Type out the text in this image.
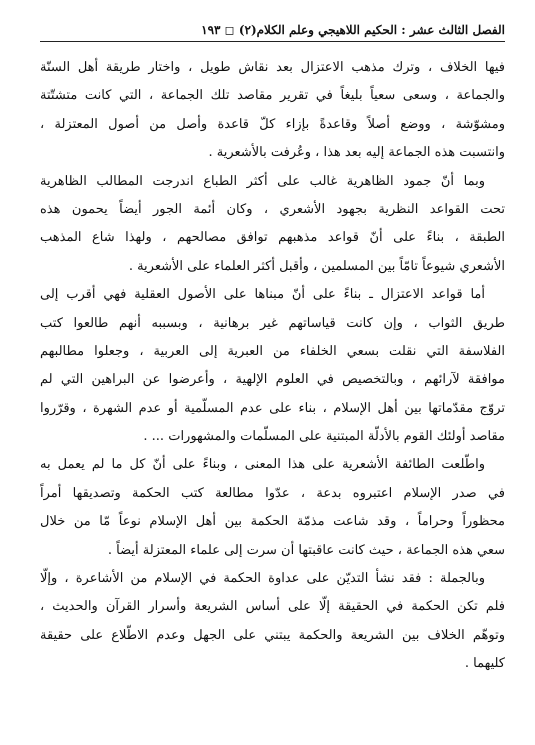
الفصل الثالث عشر : الحكيم اللاهيجي وعلم الكلام(٢) ◻ ١٩٣
فيها الخلاف ، وترك مذهب الاعتزال بعد نقاش طويل ، واختار طريقة أهل السنّة
والجماعة ، وسعى سعياً بليغاً في تقرير مقاصد تلك الجماعة ، التي كانت متشتّتة
ومشوّشة ، ووضع أصلاً وقاعدةً بإزاء كلّ قاعدة وأصل من أصول المعتزلة ،
وانتسبت هذه الجماعة إليه بعد هذا ، وعُرفت بالأشعرية .
وبما أنّ جمود الظاهرية غالب على أكثر الطباع اندرجت المطالب الظاهرية
تحت القواعد النظرية بجهود الأشعري ، وكان أئمة الجور أيضاً يحمون هذه
الطبقة ، بناءً على أنّ قواعد مذهبهم توافق مصالحهم ، ولهذا شاع المذهب
الأشعري شيوعاً تامّاً بين المسلمين ، وأقبل أكثر العلماء على الأشعرية .
أما قواعد الاعتزال ـ بناءً على أنّ مبناها على الأصول العقلية فهي أقرب إلى
طريق الثواب ، وإن كانت قياساتهم غير برهانية ، وبسببه أنهم طالعوا كتب
الفلاسفة التي نقلت بسعي الخلفاء من العبرية إلى العربية ، وجعلوا مطالبهم
موافقة لآرائهم ، وبالتخصيص في العلوم الإلهية ، وأعرضوا عن البراهين التي لم
تروّج مقدّماتها بين أهل الإسلام ، بناء على عدم المسلّمية أو عدم الشهرة ، وقرّروا
مقاصد أولئك القوم بالأدلّة المبتنية على المسلّمات والمشهورات ... .
واطّلعت الطائفة الأشعرية على هذا المعنى ، وبناءً على أنّ كل ما لم يعمل به
في صدر الإسلام اعتبروه بدعة ، عدّوا مطالعة كتب الحكمة وتصديقها أمراً
محظوراً وحراماً ، وقد شاعت مذمّة الحكمة بين أهل الإسلام نوعاً مّا من خلال
سعي هذه الجماعة ، حيث كانت عاقبتها أن سرت إلى علماء المعتزلة أيضاً .
وبالجملة : فقد نشأ التديّن على عداوة الحكمة في الإسلام من الأشاعرة ، وإلّا
فلم تكن الحكمة في الحقيقة إلّا على أساس الشريعة وأسرار القرآن والحديث ،
وتوهّم الخلاف بين الشريعة والحكمة يبتني على الجهل وعدم الاطّلاع على حقيقة
كليهما .
